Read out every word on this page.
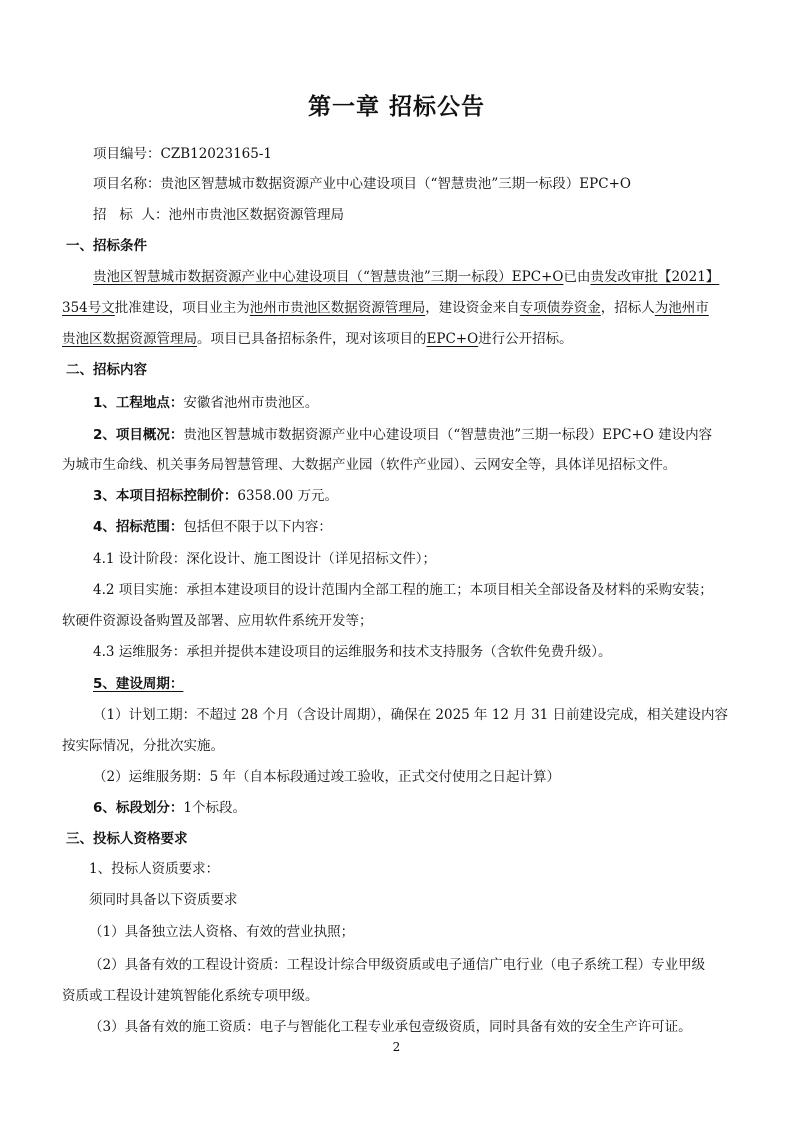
第一章 招标公告
项目编号：CZB12023165-1
项目名称：贵池区智慧城市数据资源产业中心建设项目（“智慧贵池”三期一标段）EPC+O
招   标  人：池州市贵池区数据资源管理局
一、招标条件
贵池区智慧城市数据资源产业中心建设项目（“智慧贵池”三期一标段）EPC+O已由贵发改审批【2021】
354号文批准建设，项目业主为池州市贵池区数据资源管理局，建设资金来自专项债券资金，招标人为池州市
贵池区数据资源管理局。项目已具备招标条件，现对该项目的EPC+O进行公开招标。
二、招标内容
1、工程地点：安徽省池州市贵池区。
2、项目概况：贵池区智慧城市数据资源产业中心建设项目（“智慧贵池”三期一标段）EPC+O 建设内容
为城市生命线、机关事务局智慧管理、大数据产业园（软件产业园）、云网安全等，具体详见招标文件。
3、本项目招标控制价：6358.00 万元。
4、招标范围：包括但不限于以下内容：
4.1 设计阶段：深化设计、施工图设计（详见招标文件）；
4.2 项目实施：承担本建设项目的设计范围内全部工程的施工；本项目相关全部设备及材料的采购安装；
软硬件资源设备购置及部署、应用软件系统开发等；
4.3 运维服务：承担并提供本建设项目的运维服务和技术支持服务（含软件免费升级）。
5、建设周期：
（1）计划工期：不超过 28 个月（含设计周期），确保在 2025 年 12 月 31 日前建设完成，相关建设内容
按实际情况，分批次实施。
（2）运维服务期：5 年（自本标段通过竣工验收，正式交付使用之日起计算）
6、标段划分：1个标段。
三、投标人资格要求
1、投标人资质要求：
须同时具备以下资质要求
（1）具备独立法人资格、有效的营业执照；
（2）具备有效的工程设计资质：工程设计综合甲级资质或电子通信广电行业（电子系统工程）专业甲级
资质或工程设计建筑智能化系统专项甲级。
（3）具备有效的施工资质：电子与智能化工程专业承包壹级资质，同时具备有效的安全生产许可证。
2
